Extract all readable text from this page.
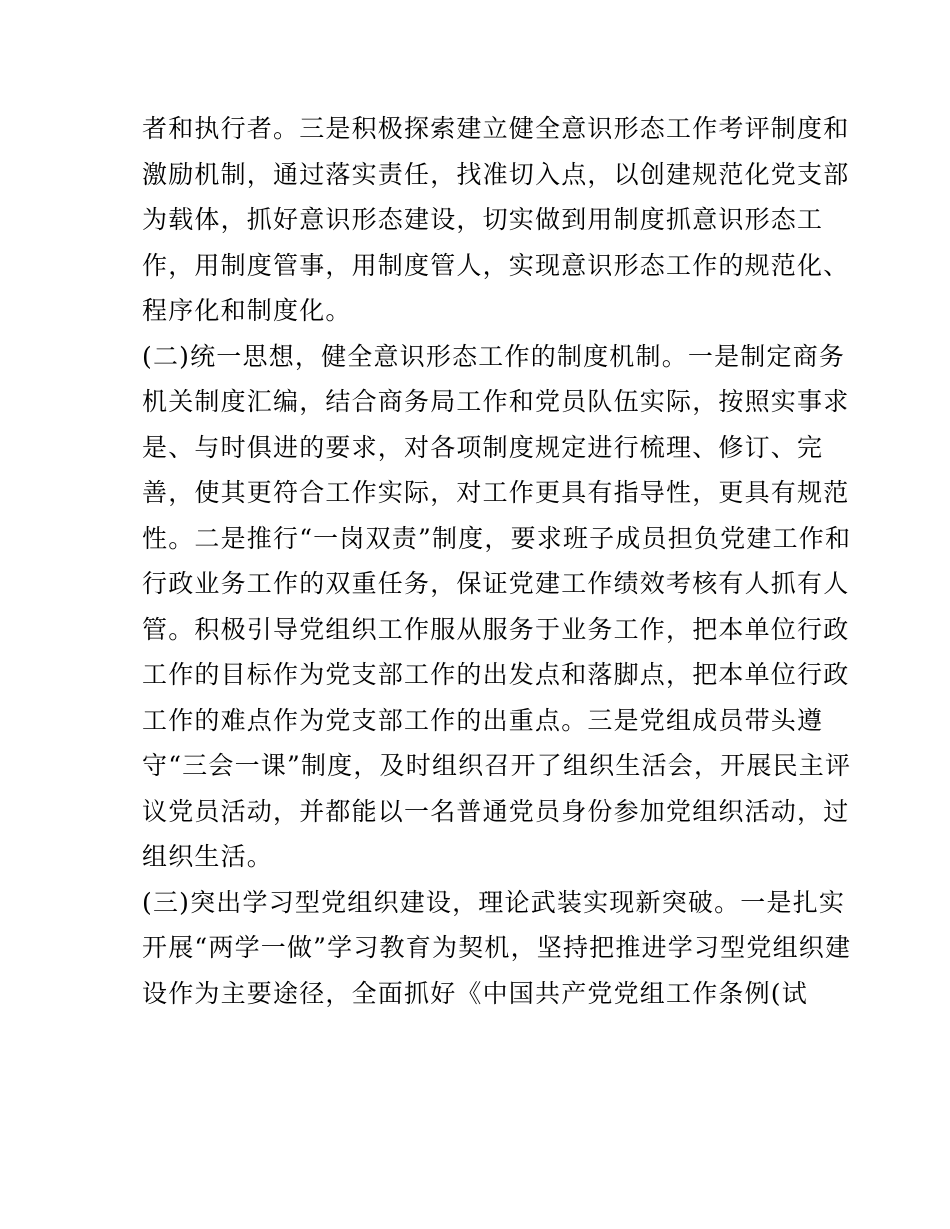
者和执行者。三是积极探索建立健全意识形态工作考评制度和
激励机制，通过落实责任，找准切入点，以创建规范化党支部
为载体，抓好意识形态建设，切实做到用制度抓意识形态工
作，用制度管事，用制度管人，实现意识形态工作的规范化、
程序化和制度化。
(二)统一思想，健全意识形态工作的制度机制。一是制定商务
机关制度汇编，结合商务局工作和党员队伍实际，按照实事求
是、与时俱进的要求，对各项制度规定进行梳理、修订、完
善，使其更符合工作实际，对工作更具有指导性，更具有规范
性。二是推行“一岗双责”制度，要求班子成员担负党建工作和
行政业务工作的双重任务，保证党建工作绩效考核有人抓有人
管。积极引导党组织工作服从服务于业务工作，把本单位行政
工作的目标作为党支部工作的出发点和落脚点，把本单位行政
工作的难点作为党支部工作的出重点。三是党组成员带头遵
守“三会一课”制度，及时组织召开了组织生活会，开展民主评
议党员活动，并都能以一名普通党员身份参加党组织活动，过
组织生活。
(三)突出学习型党组织建设，理论武装实现新突破。一是扎实
开展“两学一做”学习教育为契机，坚持把推进学习型党组织建
设作为主要途径，全面抓好《中国共产党党组工作条例(试
